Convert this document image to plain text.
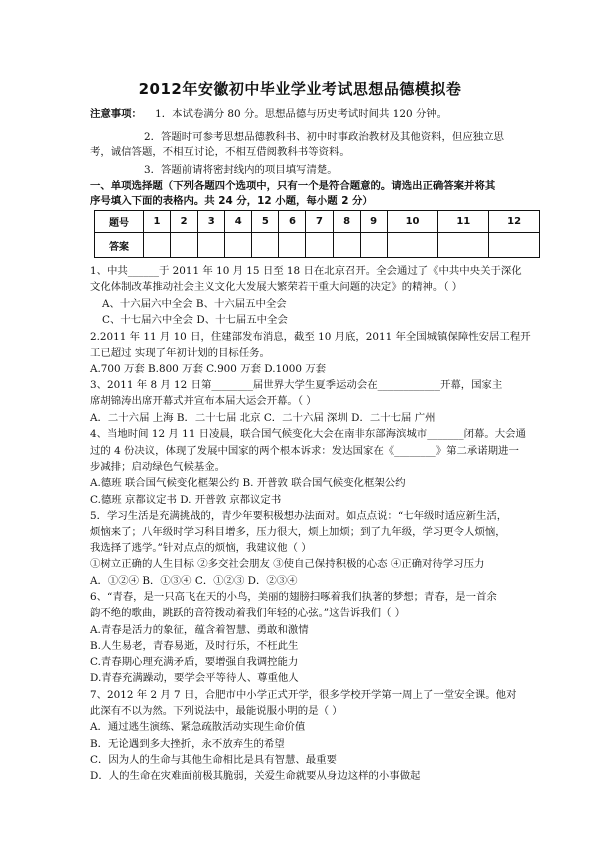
2012年安徽初中毕业学业考试思想品德模拟卷
注意事项： 1．本试卷满分 80 分。思想品德与历史考试时间共 120 分钟。
2．答题时可参考思想品德教科书、初中时事政治教材及其他资料，但应独立思
考，诚信答题，不相互讨论，不相互借阅教科书等资料。
3．答题前请将密封线内的项目填写清楚。
一、单项选择题（下列各题四个选项中，只有一个是符合题意的。请选出正确答案并将其
序号填入下面的表格内。共 24 分，12 小题，每小题 2 分）
题号	1	2	3	4	5	6	7	8	9	10	11	12
答案												
1、中共______于 2011 年 10 月 15 日至 18 日在北京召开。全会通过了《中共中央关于深化
文化体制改革推动社会主义文化大发展大繁荣若干重大问题的决定》的精神。（ ）
A、十六届六中全会 B、十六届五中全会
C、十七届六中全会 D、十七届五中全会
2.2011 年 11 月 10 日，住建部发布消息，截至 10 月底，2011 年全国城镇保障性安居工程开
工已超过 实现了年初计划的目标任务。
A.700 万套 B.800 万套 C.900 万套 D.1000 万套
3、2011 年 8 月 12 日第________届世界大学生夏季运动会在____________开幕，国家主
席胡锦涛出席开幕式并宣布本届大运会开幕。（ ）
A．二十六届 上海 B．二十七届 北京 C．二十六届 深圳 D．二十七届 广州
4、当地时间 12 月 11 日凌晨，联合国气候变化大会在南非东部海滨城市_______闭幕。大会通
过的 4 份决议，体现了发展中国家的两个根本诉求：发达国家在《________》第二承诺期进一
步减排；启动绿色气候基金。
A.德班 联合国气候变化框架公约 B. 开普敦 联合国气候变化框架公约
C.德班 京都议定书 D. 开普敦 京都议定书
5．学习生活是充满挑战的，青少年要积极想办法面对。如点点说：“七年级时适应新生活，
烦恼来了；八年级时学习科目增多，压力很大，烦上加烦；到了九年级，学习更令人烦恼，
我选择了逃学。”针对点点的烦恼，我建议他（ ）
①树立正确的人生目标 ②多交社会朋友 ③使自己保持积极的心态 ④正确对待学习压力
A．①②④ B．①③④ C．①②③ D．②③④
6、“青春，是一只高飞在天的小鸟，美丽的翅膀扫啄着我们执著的梦想；青春，是一首余
韵不绝的歌曲，跳跃的音符拨动着我们年轻的心弦。”这告诉我们（ ）
A.青春是活力的象征，蕴含着智慧、勇敢和激情
B.人生易老，青春易逝，及时行乐，不枉此生
C.青春期心理充满矛盾，要增强自我调控能力
D.青春充满躁动，要学会平等待人、尊重他人
7、2012 年 2 月 7 日，合肥市中小学正式开学，很多学校开学第一周上了一堂安全课。他对
此深有不以为然。下列说法中，最能说服小明的是（ ）
A．通过逃生演练、紧急疏散活动实现生命价值
B．无论遇到多大挫折，永不放弃生的希望
C．因为人的生命与其他生命相比是具有智慧、最重要
D．人的生命在灾难面前极其脆弱，关爱生命就要从身边这样的小事做起
